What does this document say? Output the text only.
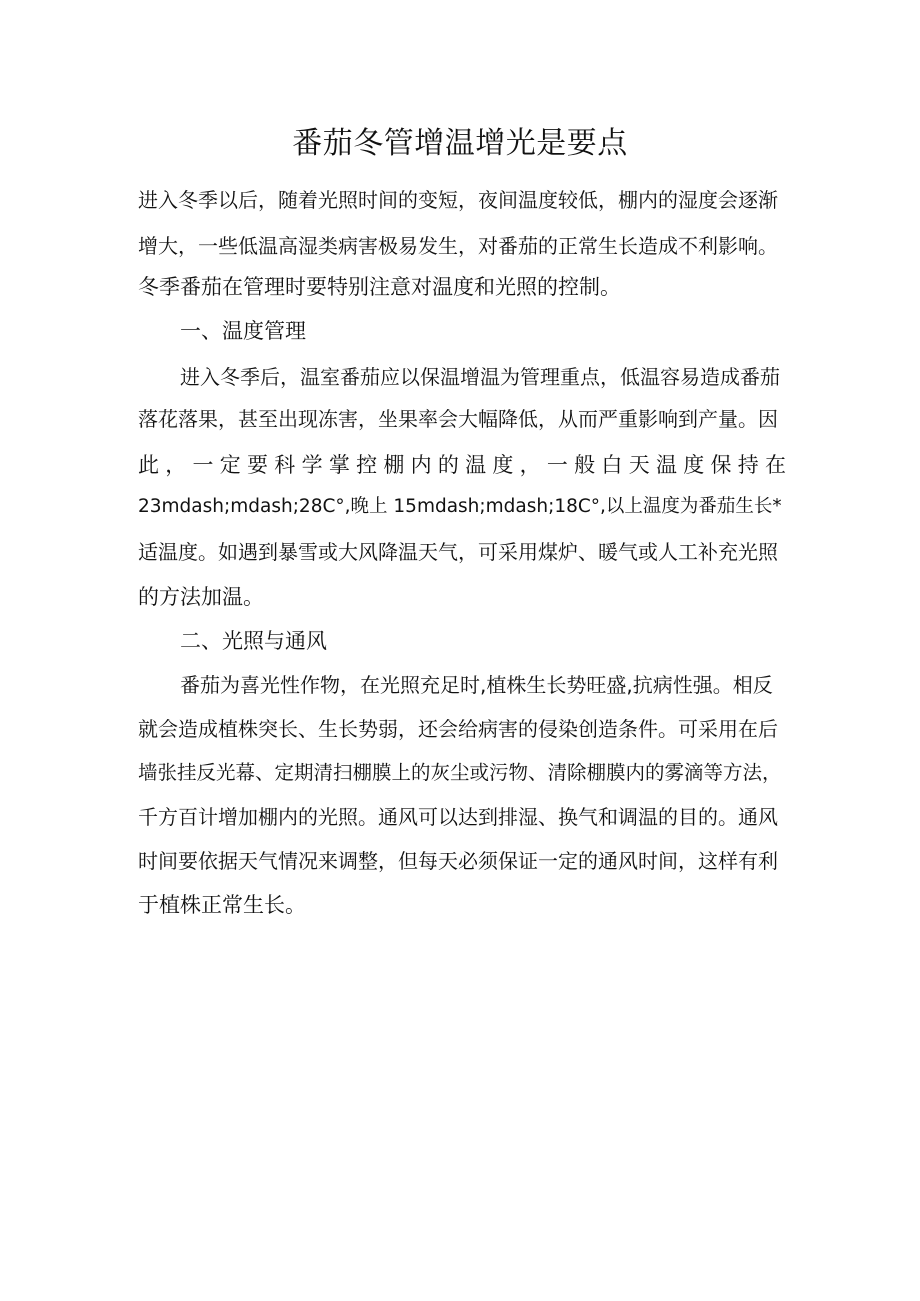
番茄冬管增温增光是要点

进入冬季以后，随着光照时间的变短，夜间温度较低，棚内的湿度会逐渐

增大，一些低温高湿类病害极易发生，对番茄的正常生长造成不利影响。

冬季番茄在管理时要特别注意对温度和光照的控制。

一、温度管理

进入冬季后，温室番茄应以保温增温为管理重点，低温容易造成番茄

落花落果，甚至出现冻害，坐果率会大幅降低，从而严重影响到产量。因

此，一定要科学掌控棚内的温度，一般白天温度保持在

23mdash;mdash;28C°,晚上 15mdash;mdash;18C°,以上温度为番茄生长*

适温度。如遇到暴雪或大风降温天气，可采用煤炉、暖气或人工补充光照

的方法加温。

二、光照与通风

番茄为喜光性作物，在光照充足时,植株生长势旺盛,抗病性强。相反

就会造成植株突长、生长势弱，还会给病害的侵染创造条件。可采用在后

墙张挂反光幕、定期清扫棚膜上的灰尘或污物、清除棚膜内的雾滴等方法，

千方百计增加棚内的光照。通风可以达到排湿、换气和调温的目的。通风

时间要依据天气情况来调整，但每天必须保证一定的通风时间，这样有利

于植株正常生长。
